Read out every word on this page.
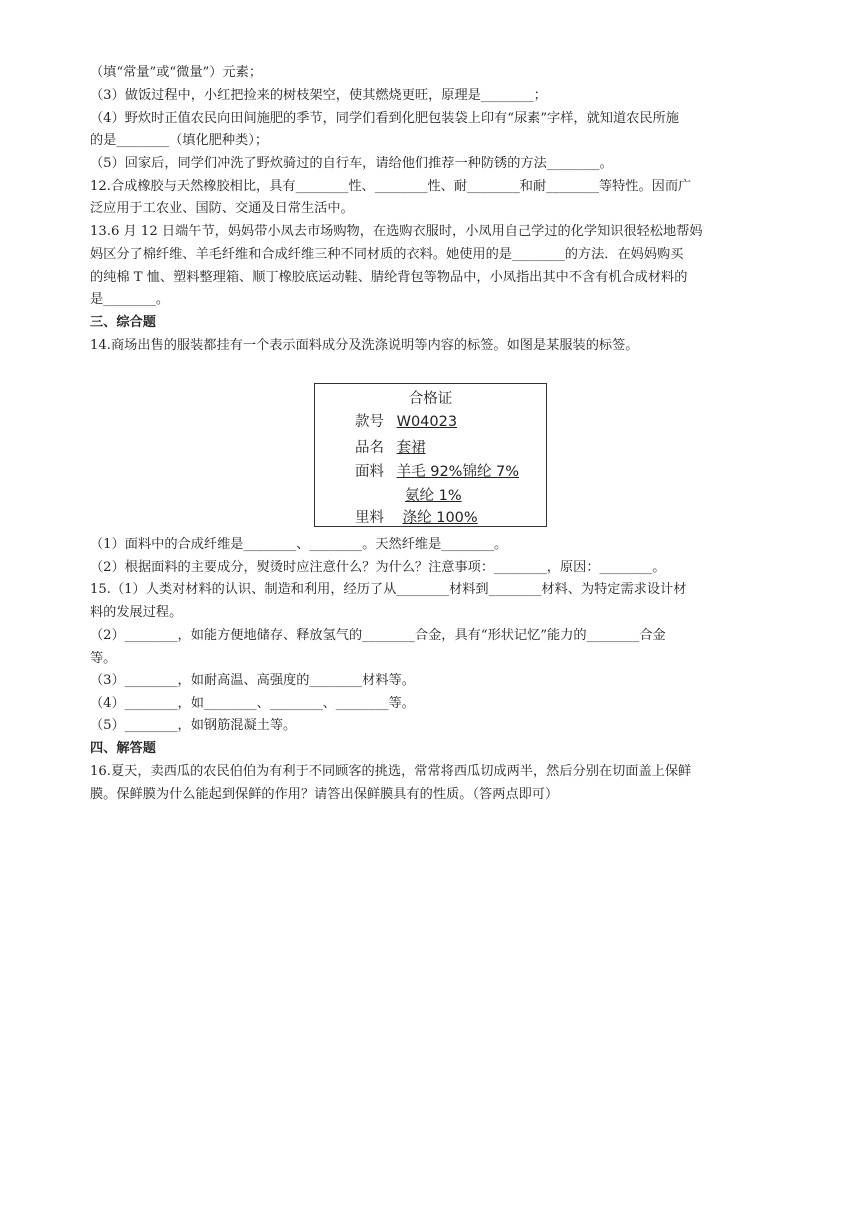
（填“常量”或“微量”）元素；
（3）做饭过程中，小红把捡来的树枝架空，使其燃烧更旺，原理是________；
（4）野炊时正值农民向田间施肥的季节，同学们看到化肥包装袋上印有“尿素”字样，就知道农民所施
的是________（填化肥种类）；
（5）回家后，同学们冲洗了野炊骑过的自行车，请给他们推荐一种防锈的方法________。
12.合成橡胶与天然橡胶相比，具有________性、________性、耐________和耐________等特性。因而广
泛应用于工农业、国防、交通及日常生活中。
13.6 月 12 日端午节，妈妈带小凤去市场购物，在选购衣服时，小凤用自己学过的化学知识很轻松地帮妈
妈区分了棉纤维、羊毛纤维和合成纤维三种不同材质的衣料。她使用的是________的方法．在妈妈购买
的纯棉 T 恤、塑料整理箱、顺丁橡胶底运动鞋、腈纶背包等物品中，小凤指出其中不含有机合成材料的
是________。
三、综合题
14.商场出售的服装都挂有一个表示面料成分及洗涤说明等内容的标签。如图是某服装的标签。
合格证
款号 W04023
品名 套裙
面料 羊毛 92%锦纶 7%
氨纶 1%
里料 涤纶 100%
（1）面料中的合成纤维是________、________。天然纤维是________。
（2）根据面料的主要成分，熨烫时应注意什么？为什么？注意事项：________，原因：________。
15.（1）人类对材料的认识、制造和利用，经历了从________材料到________材料、为特定需求设计材
料的发展过程。
（2）________，如能方便地储存、释放氢气的________合金，具有“形状记忆”能力的________合金
等。
（3）________，如耐高温、高强度的________材料等。
（4）________，如________、________、________等。
（5）________，如钢筋混凝土等。
四、解答题
16.夏天，卖西瓜的农民伯伯为有利于不同顾客的挑选，常常将西瓜切成两半，然后分别在切面盖上保鲜
膜。保鲜膜为什么能起到保鲜的作用？请答出保鲜膜具有的性质。（答两点即可）
